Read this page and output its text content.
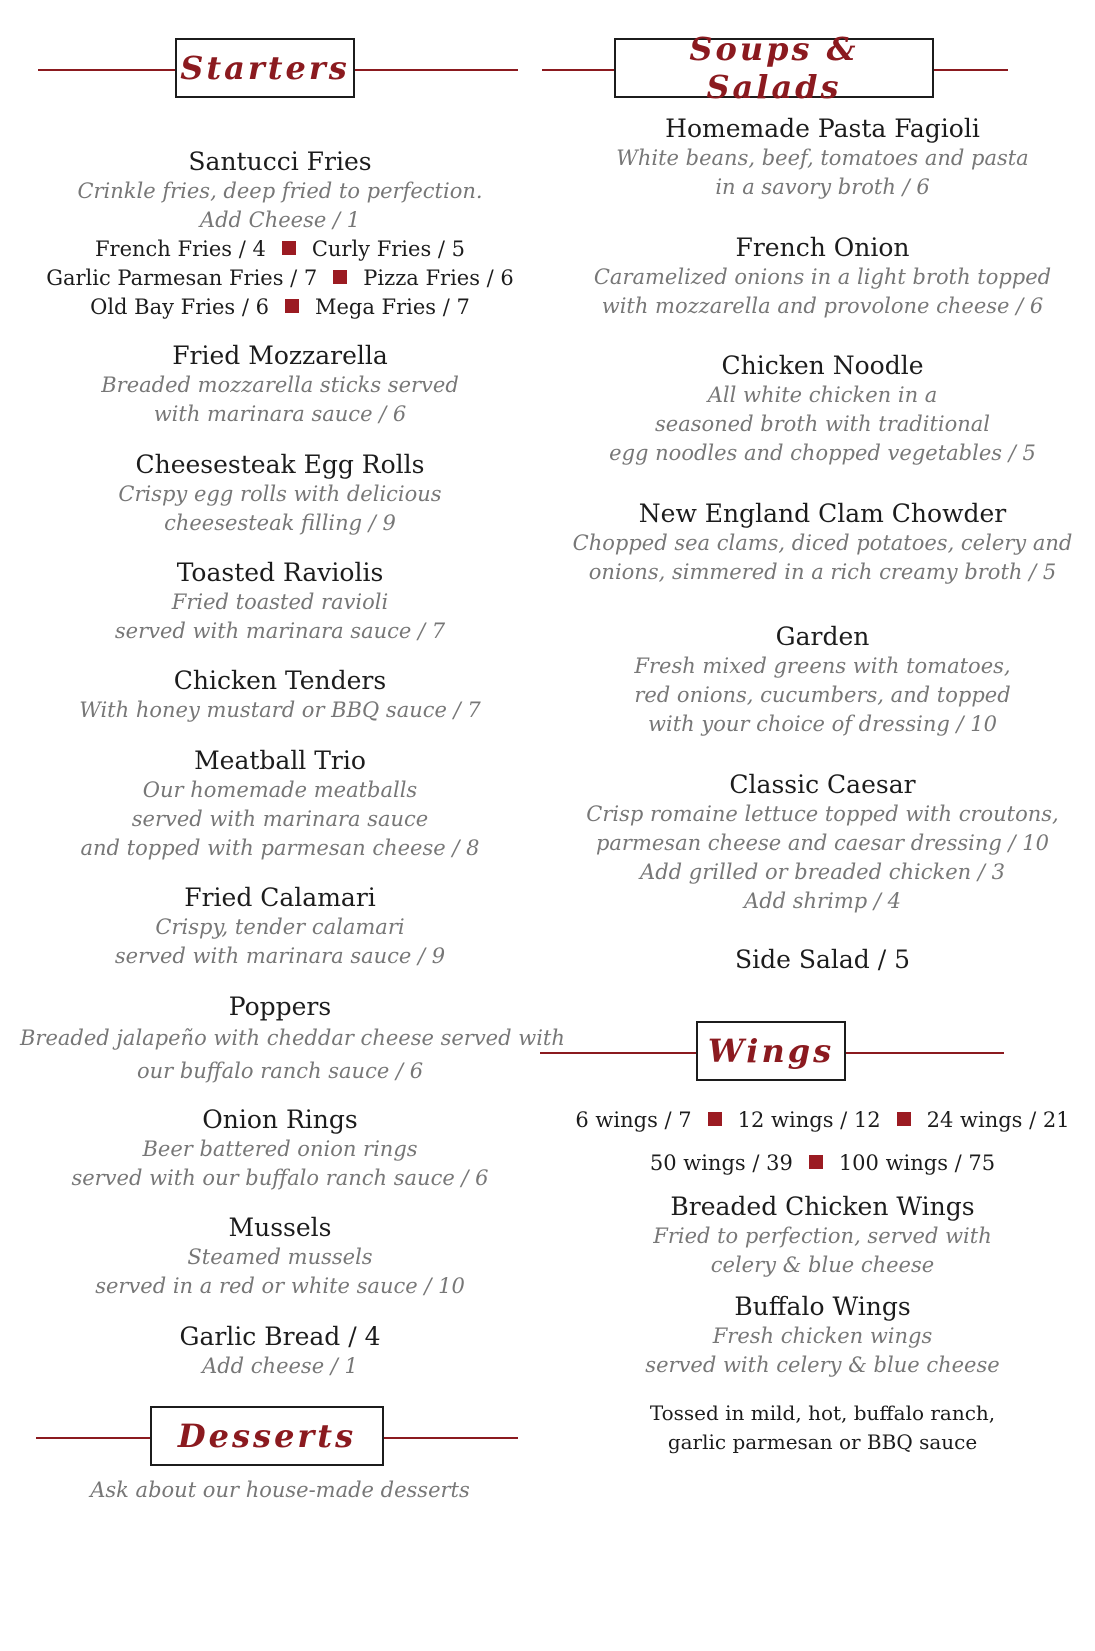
Starters
Santucci Fries
Crinkle fries, deep fried to perfection.
Add Cheese / 1
French Fries / 4 Curly Fries / 5
Garlic Parmesan Fries / 7 Pizza Fries / 6
Old Bay Fries / 6 Mega Fries / 7
Fried Mozzarella
Breaded mozzarella sticks served
with marinara sauce / 6
Cheesesteak Egg Rolls
Crispy egg rolls with delicious
cheesesteak filling / 9
Toasted Raviolis
Fried toasted ravioli
served with marinara sauce / 7
Chicken Tenders
With honey mustard or BBQ sauce / 7
Meatball Trio
Our homemade meatballs
served with marinara sauce
and topped with parmesan cheese / 8
Fried Calamari
Crispy, tender calamari
served with marinara sauce / 9
Poppers
Breaded jalapeño with cheddar cheese served with
our buffalo ranch sauce / 6
Onion Rings
Beer battered onion rings
served with our buffalo ranch sauce / 6
Mussels
Steamed mussels
served in a red or white sauce / 10
Garlic Bread / 4
Add cheese / 1
Desserts
Ask about our house-made desserts
Soups & Salads
Homemade Pasta Fagioli
White beans, beef, tomatoes and pasta
in a savory broth / 6
French Onion
Caramelized onions in a light broth topped
with mozzarella and provolone cheese / 6
Chicken Noodle
All white chicken in a
seasoned broth with traditional
egg noodles and chopped vegetables / 5
New England Clam Chowder
Chopped sea clams, diced potatoes, celery and
onions, simmered in a rich creamy broth / 5
Garden
Fresh mixed greens with tomatoes,
red onions, cucumbers, and topped
with your choice of dressing / 10
Classic Caesar
Crisp romaine lettuce topped with croutons,
parmesan cheese and caesar dressing / 10
Add grilled or breaded chicken / 3
Add shrimp / 4
Side Salad / 5
Wings
6 wings / 7 12 wings / 12 24 wings / 21
50 wings / 39 100 wings / 75
Breaded Chicken Wings
Fried to perfection, served with
celery & blue cheese
Buffalo Wings
Fresh chicken wings
served with celery & blue cheese
Tossed in mild, hot, buffalo ranch,
garlic parmesan or BBQ sauce
